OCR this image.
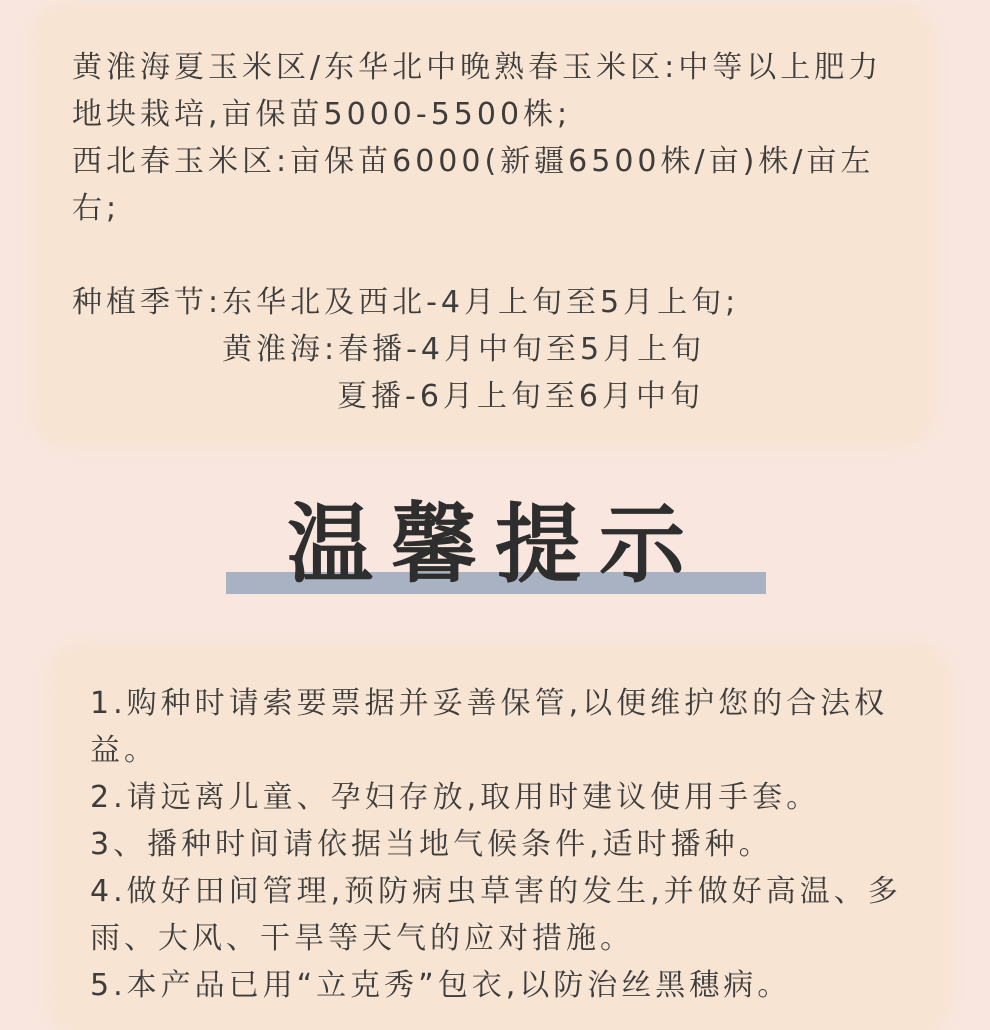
黄淮海夏玉米区/东华北中晚熟春玉米区:中等以上肥力
地块栽培,亩保苗5000-5500株;
西北春玉米区:亩保苗6000(新疆6500株/亩)株/亩左
右;
种植季节:东华北及西北-4月上旬至5月上旬;
黄淮海:春播-4月中旬至5月上旬
夏播-6月上旬至6月中旬
温馨提示
1.购种时请索要票据并妥善保管,以便维护您的合法权
益。
2.请远离儿童、孕妇存放,取用时建议使用手套。
3、播种时间请依据当地气候条件,适时播种。
4.做好田间管理,预防病虫草害的发生,并做好高温、多
雨、大风、干旱等天气的应对措施。
5.本产品已用“立克秀”包衣,以防治丝黑穗病。
